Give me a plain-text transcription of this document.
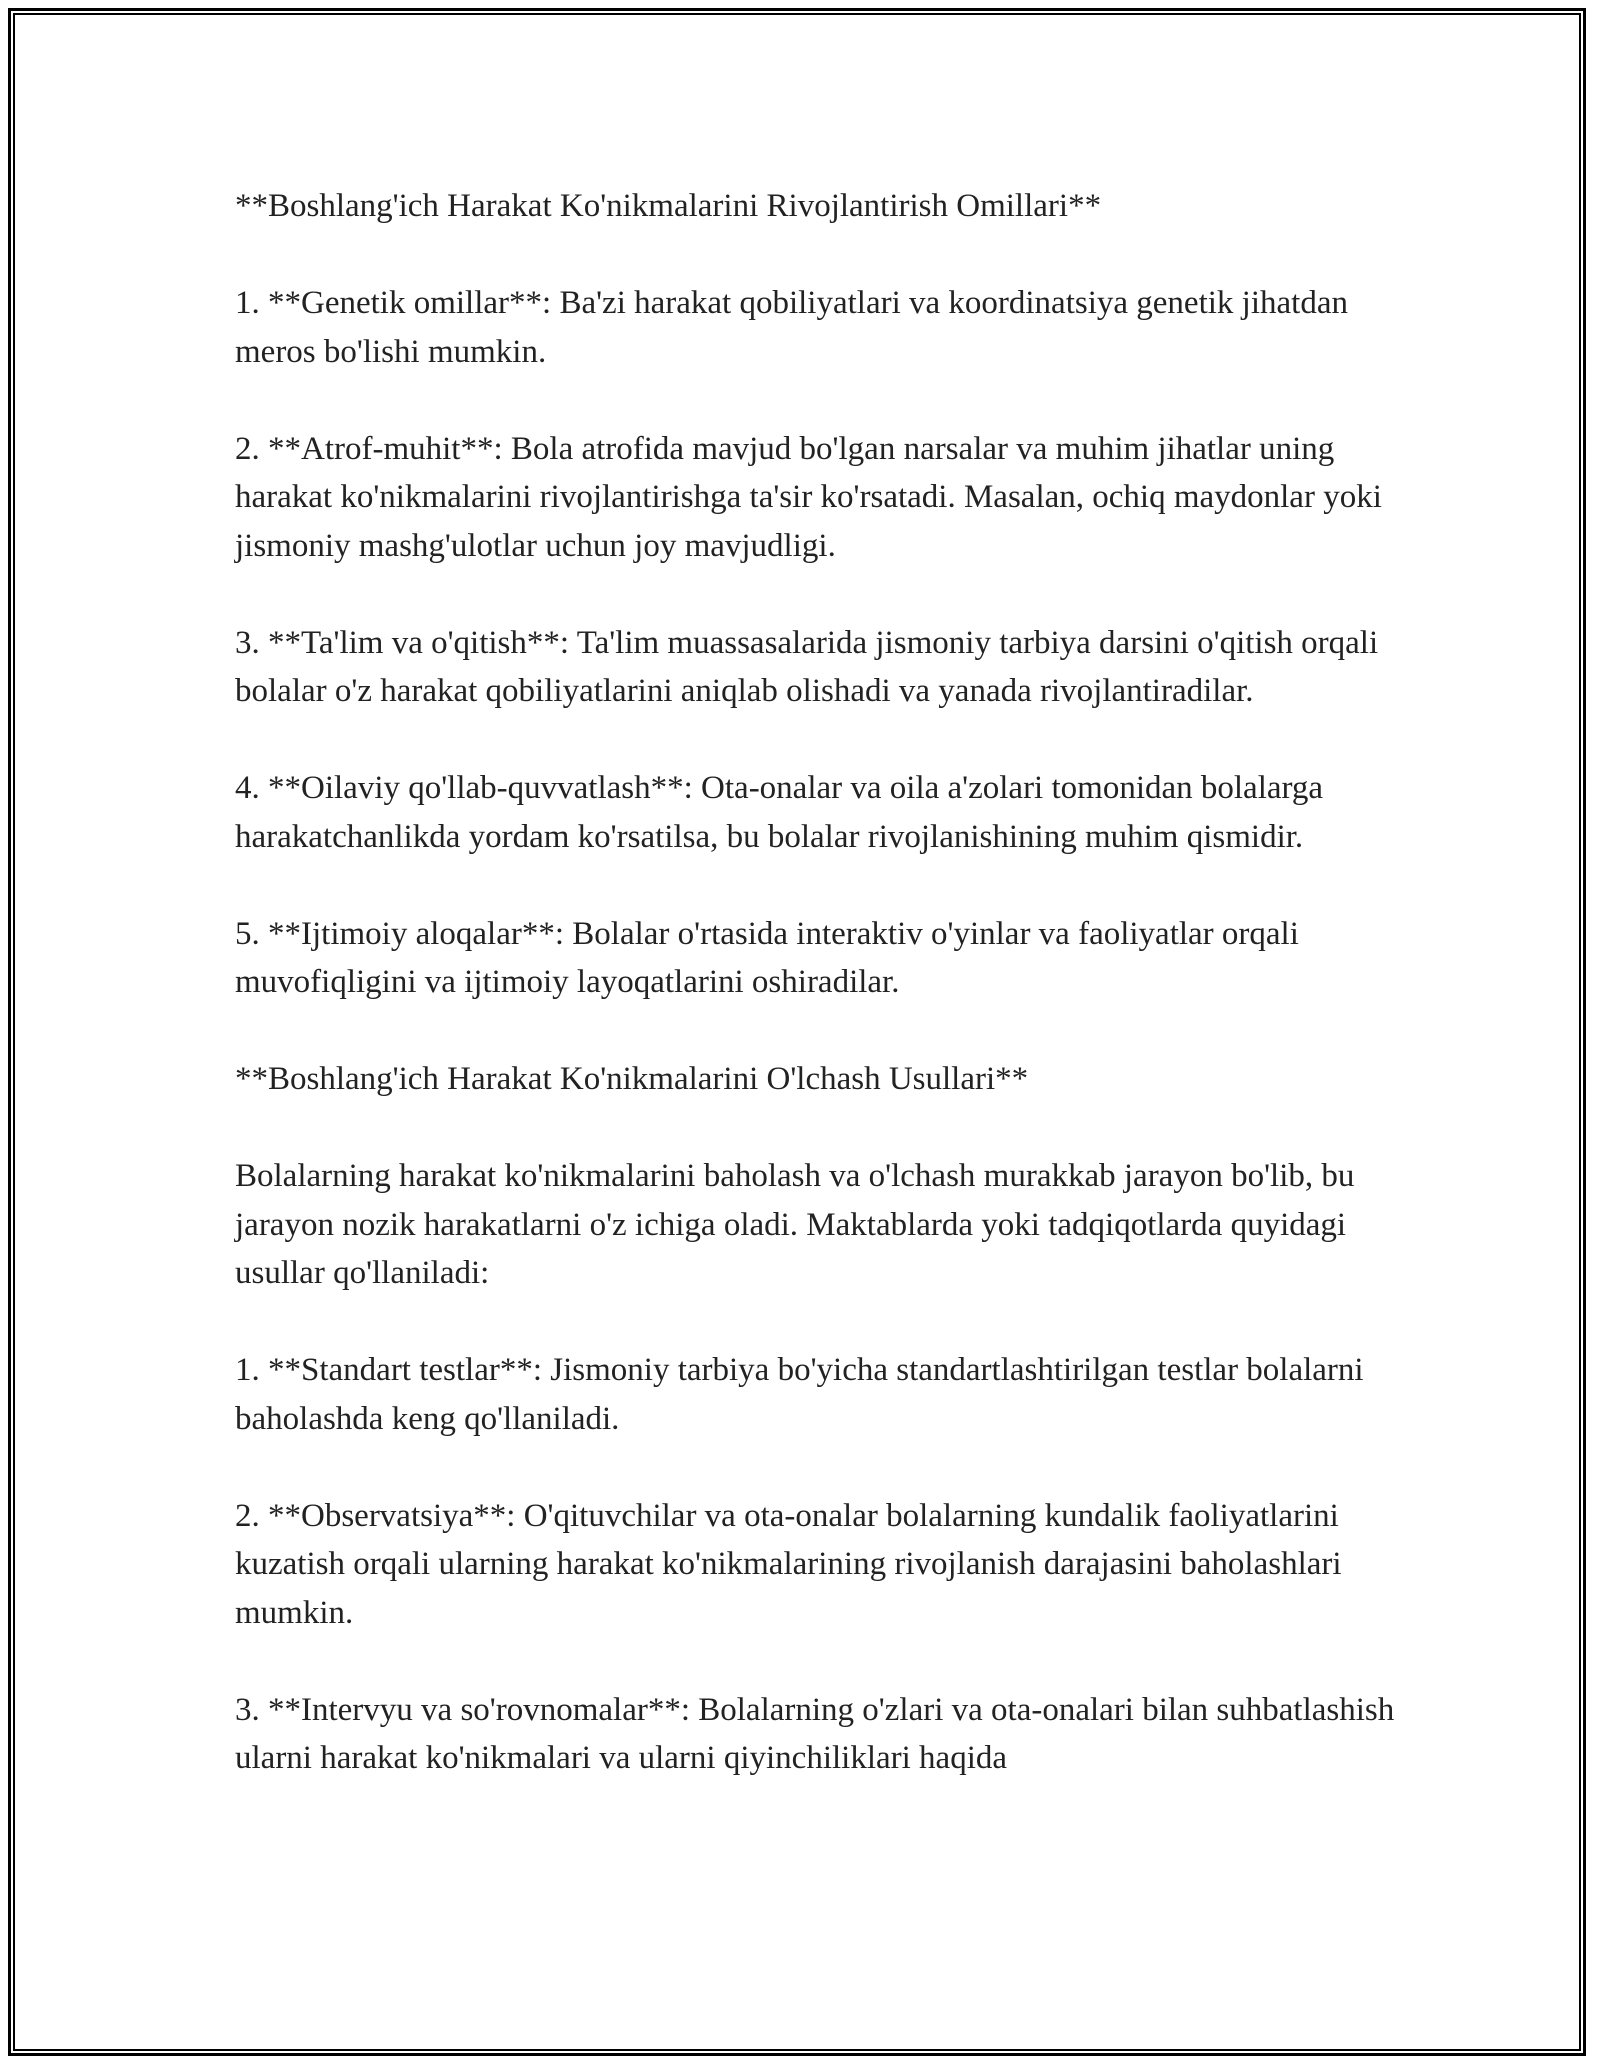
**Boshlang'ich Harakat Ko'nikmalarini Rivojlantirish Omillari**

1. **Genetik omillar**: Ba'zi harakat qobiliyatlari va koordinatsiya genetik jihatdan meros bo'lishi mumkin.

2. **Atrof-muhit**: Bola atrofida mavjud bo'lgan narsalar va muhim jihatlar uning harakat ko'nikmalarini rivojlantirishga ta'sir ko'rsatadi. Masalan, ochiq maydonlar yoki jismoniy mashg'ulotlar uchun joy mavjudligi.

3. **Ta'lim va o'qitish**: Ta'lim muassasalarida jismoniy tarbiya darsini o'qitish orqali bolalar o'z harakat qobiliyatlarini aniqlab olishadi va yanada rivojlantiradilar.

4. **Oilaviy qo'llab-quvvatlash**: Ota-onalar va oila a'zolari tomonidan bolalarga harakatchanlikda yordam ko'rsatilsa, bu bolalar rivojlanishining muhim qismidir.

5. **Ijtimoiy aloqalar**: Bolalar o'rtasida interaktiv o'yinlar va faoliyatlar orqali muvofiqligini va ijtimoiy layoqatlarini oshiradilar.

**Boshlang'ich Harakat Ko'nikmalarini O'lchash Usullari**

Bolalarning harakat ko'nikmalarini baholash va o'lchash murakkab jarayon bo'lib, bu jarayon nozik harakatlarni o'z ichiga oladi. Maktablarda yoki tadqiqotlarda quyidagi usullar qo'llaniladi:

1. **Standart testlar**: Jismoniy tarbiya bo'yicha standartlashtirilgan testlar bolalarni baholashda keng qo'llaniladi.

2. **Observatsiya**: O'qituvchilar va ota-onalar bolalarning kundalik faoliyatlarini kuzatish orqali ularning harakat ko'nikmalarining rivojlanish darajasini baholashlari mumkin.

3. **Intervyu va so'rovnomalar**: Bolalarning o'zlari va ota-onalari bilan suhbatlashish ularni harakat ko'nikmalari va ularni qiyinchiliklari haqida
